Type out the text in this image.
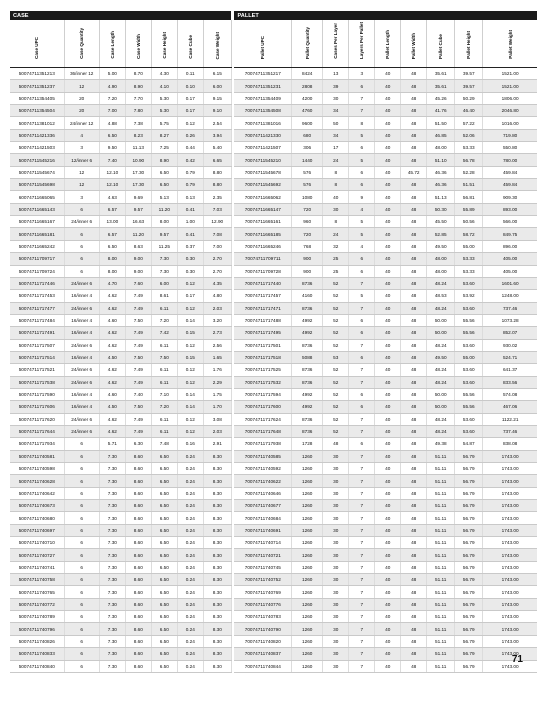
CASE								PALLET								
Case UPC	Case Quantity	Case Length	Case Width	Case Height	Case Cube	Case Weight		Pallet UPC	Pallet Quantity	Cases Per Layer	Layers Per Pallet	Pallet Length	Pallet Width	Pallet Cube	Pallet Height	Pallet Weight
50074711351213	36/inner 12	5.00	8.70	4.30	0.11	6.15		70074711351217	8424	13	3	40	48	35.61	39.57	1521.00
50074711351237	12	4.90	8.90	4.10	0.10	6.00		70074711351231	2808	39	6	40	48	35.61	39.57	1521.00
50074711354405	20	7.20	7.70	5.30	0.17	9.15		70074711354409	4200	30	7	40	48	45.26	50.29	1806.00
50074711354504	20	7.00	7.80	5.30	0.17	9.10		70074711354508	4760	34	7	40	48	41.76	46.40	2046.80
50074711381012	24/inner 12	4.88	7.38	5.75	0.12	2.54		70074711381016	9600	50	8	40	48	51.50	57.22	1016.00
50074711421336	4	6.50	8.23	8.27	0.26	3.94		70074711421330	680	34	5	40	48	46.85	52.06	719.80
50074711421503	3	9.50	11.13	7.25	0.44	5.40		70074711421507	306	17	6	40	48	48.00	53.33	550.80
50074711545216	12/inner 6	7.40	10.90	8.90	0.42	6.65		70074711545210	1440	24	5	40	48	51.10	56.78	780.00
50074711545674	12	12.10	17.30	6.50	0.79	8.80		70074711545678	576	8	6	40	45.72	46.36	52.28	459.84
50074711545698	12	12.10	17.30	6.50	0.79	8.80		70074711545692	576	8	6	40	48	46.36	51.51	459.84
60074711665065	3	4.63	9.69	5.13	0.13	2.35		70074711665062	1080	40	9	40	48	51.13	56.81	909.30
50074711665143	6	6.57	9.57	11.20	0.41	7.03		70074711665147	720	30	4	40	48	50.30	55.89	893.00
50074711665167	24/inner 6	13.00	16.63	8.00	1.00	12.90		70074711665161	960	8	5	40	48	45.50	50.56	566.00
50074711665181	6	6.57	11.20	9.57	0.41	7.08		70074711665185	720	24	5	40	48	52.85	58.72	849.75
50074711665242	6	6.50	8.63	11.25	0.37	7.00		70074711665246	768	32	4	40	48	49.50	55.00	896.00
50074711709717	6	8.00	9.00	7.30	0.30	2.70		70074711709711	900	25	6	40	48	48.00	53.33	405.00
50074711709724	6	8.00	9.00	7.30	0.30	2.70		70074711709728	900	25	6	40	48	48.00	53.33	405.00
50074711717446	24/inner 6	4.70	7.60	6.00	0.12	4.35		70074711717440	8736	52	7	40	48	48.24	53.60	1601.60
50074711717453	16/inner 4	4.62	7.49	8.61	0.17	4.80		70074711717457	4160	52	5	40	48	48.53	53.92	1248.00
50074711717477	24/inner 6	4.62	7.49	6.11	0.12	2.03		70074711717471	8736	52	7	40	48	48.24	53.60	737.46
50074711717484	16/inner 4	4.60	7.50	7.20	0.14	3.20		70074711717488	4992	52	6	40	48	50.00	55.56	1073.28
50074711717491	16/inner 4	4.62	7.49	7.42	0.15	2.73		70074711717495	4992	52	6	40	48	50.00	55.56	852.07
50074711717507	24/inner 6	4.62	7.49	6.11	0.12	2.56		70074711717501	8736	52	7	40	48	48.24	53.60	930.02
50074711717514	16/inner 4	4.50	7.50	7.50	0.15	1.65		70074711717518	5088	53	6	40	48	49.50	55.00	524.71
50074711717521	24/inner 6	4.62	7.49	6.11	0.12	1.76		70074711717525	8736	52	7	40	48	48.24	53.60	641.37
50074711717538	24/inner 6	4.62	7.49	6.11	0.12	2.29		70074711717532	8736	52	7	40	48	48.24	53.60	833.56
50074711717590	16/inner 4	4.60	7.40	7.10	0.14	1.75		70074711717594	4992	52	6	40	48	50.00	55.56	574.08
50074711717606	16/inner 4	4.50	7.50	7.20	0.14	1.70		70074711717600	4992	52	6	40	48	50.00	55.56	467.06
50074711717620	24/inner 6	4.62	7.49	6.11	0.12	3.08		70074711717624	8736	52	7	40	48	48.24	53.60	1122.21
50074711717644	24/inner 6	4.62	7.49	6.11	0.12	2.03		70074711717648	8736	52	7	40	48	48.24	53.60	737.46
50074711717934	6	5.71	6.30	7.48	0.16	2.91		70074711717938	1728	48	6	40	48	49.38	54.87	838.08
50074711740581	6	7.30	8.60	6.50	0.24	8.30		70074711740585	1260	30	7	40	48	51.11	56.79	1743.00
50074711740598	6	7.30	8.60	6.50	0.24	8.30		70074711740592	1260	30	7	40	48	51.11	56.79	1743.00
50074711740628	6	7.30	8.60	6.50	0.24	8.30		70074711740622	1260	30	7	40	48	51.11	56.79	1743.00
50074711740642	6	7.30	8.60	6.50	0.24	8.30		70074711740646	1260	30	7	40	48	51.11	56.79	1743.00
50074711740673	6	7.30	8.60	6.50	0.24	8.30		70074711740677	1260	30	7	40	48	51.11	56.79	1743.00
50074711740680	6	7.30	8.60	6.50	0.24	8.30		70074711740684	1260	30	7	40	48	51.11	56.79	1743.00
50074711740697	6	7.30	8.60	6.50	0.24	8.30		70074711740691	1260	30	7	40	48	51.11	56.79	1743.00
50074711740710	6	7.30	8.60	6.50	0.24	8.30		70074711740714	1260	30	7	40	48	51.11	56.79	1743.00
50074711740727	6	7.30	8.60	6.50	0.24	8.30		70074711740721	1260	30	7	40	48	51.11	56.79	1743.00
50074711740741	6	7.30	8.60	6.50	0.24	8.30		70074711740745	1260	30	7	40	48	51.11	56.79	1743.00
50074711740758	6	7.30	8.60	6.50	0.24	8.30		70074711740752	1260	30	7	40	48	51.11	56.79	1743.00
50074711740765	6	7.30	8.60	6.50	0.24	8.30		70074711740769	1260	30	7	40	48	51.11	56.79	1743.00
50074711740772	6	7.30	8.60	6.50	0.24	8.30		70074711740776	1260	30	7	40	48	51.11	56.79	1743.00
50074711740789	6	7.30	8.60	6.50	0.24	8.30		70074711740783	1260	30	7	40	48	51.11	56.79	1743.00
50074711740796	6	7.30	8.60	6.50	0.24	8.30		70074711740790	1260	30	7	40	48	51.11	56.79	1743.00
50074711740826	6	7.30	8.60	6.50	0.24	8.30		70074711740820	1260	30	7	40	48	51.11	56.79	1743.00
50074711740833	6	7.30	8.60	6.50	0.24	8.30		70074711740837	1260	30	7	40	48	51.11	56.79	1743.00
50074711740840	6	7.30	8.60	6.50	0.24	8.30		70074711740844	1260	30	7	40	48	51.11	56.79	1743.00
71
